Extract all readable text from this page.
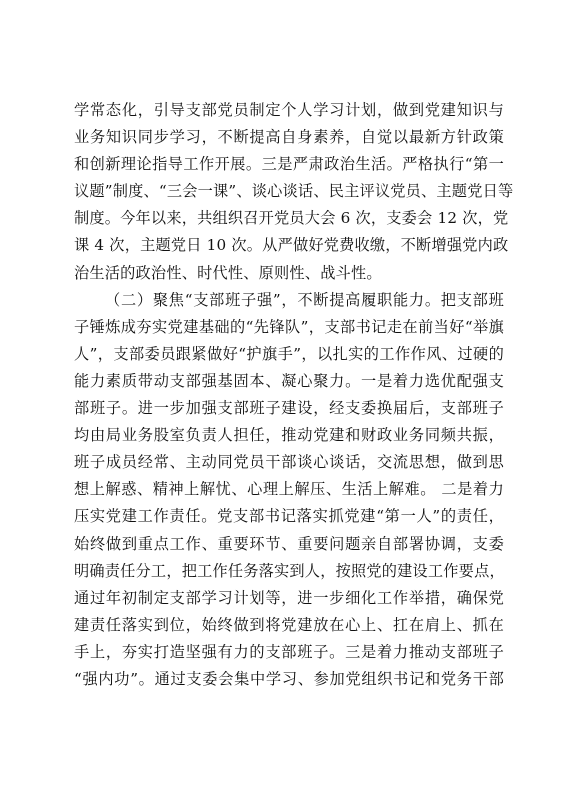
学常态化，引导支部党员制定个人学习计划，做到党建知识与
业务知识同步学习，不断提高自身素养，自觉以最新方针政策
和创新理论指导工作开展。三是严肃政治生活。严格执行“第一
议题”制度、“三会一课”、谈心谈话、民主评议党员、主题党日等
制度。今年以来，共组织召开党员大会 6 次，支委会 12 次，党
课 4 次，主题党日 10 次。从严做好党费收缴，不断增强党内政
治生活的政治性、时代性、原则性、战斗性。
（二）聚焦“支部班子强”，不断提高履职能力。把支部班
子锤炼成夯实党建基础的“先锋队”，支部书记走在前当好“举旗
人”，支部委员跟紧做好“护旗手”，以扎实的工作作风、过硬的
能力素质带动支部强基固本、凝心聚力。一是着力选优配强支
部班子。进一步加强支部班子建设，经支委换届后，支部班子
均由局业务股室负责人担任，推动党建和财政业务同频共振，
班子成员经常、主动同党员干部谈心谈话，交流思想，做到思
想上解惑、精神上解忧、心理上解压、生活上解难。 二是着力
压实党建工作责任。党支部书记落实抓党建“第一人”的责任，
始终做到重点工作、重要环节、重要问题亲自部署协调，支委
明确责任分工，把工作任务落实到人，按照党的建设工作要点，
通过年初制定支部学习计划等，进一步细化工作举措，确保党
建责任落实到位，始终做到将党建放在心上、扛在肩上、抓在
手上，夯实打造坚强有力的支部班子。三是着力推动支部班子
“强内功”。通过支委会集中学习、参加党组织书记和党务干部
